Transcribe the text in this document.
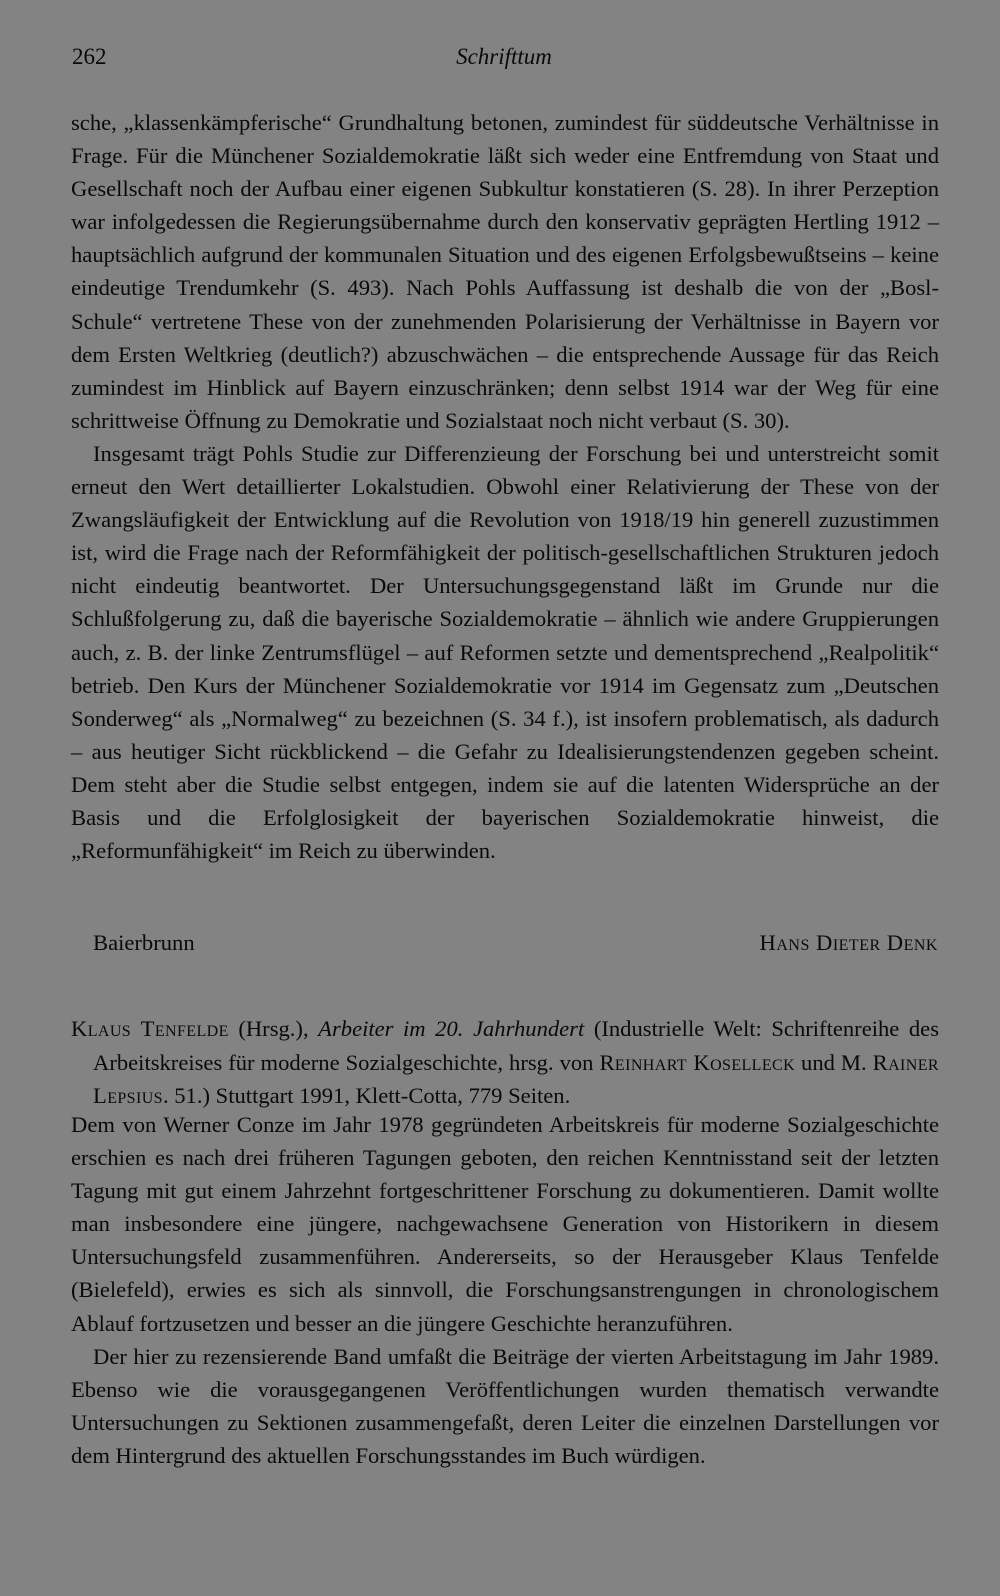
262	Schrifttum

sche, „klassenkämpferische“ Grundhaltung betonen, zumindest für süddeutsche Verhältnisse in Frage. Für die Münchener Sozialdemokratie läßt sich weder eine Entfremdung von Staat und Gesellschaft noch der Aufbau einer eigenen Subkultur konstatieren (S. 28). In ihrer Perzeption war infolgedessen die Regierungsübernahme durch den konservativ geprägten Hertling 1912 – hauptsächlich aufgrund der kommunalen Situation und des eigenen Erfolgsbewußtseins – keine eindeutige Trendumkehr (S. 493). Nach Pohls Auffassung ist deshalb die von der „Bosl-Schule“ vertretene These von der zunehmenden Polarisierung der Verhältnisse in Bayern vor dem Ersten Weltkrieg (deutlich?) abzuschwächen – die entsprechende Aussage für das Reich zumindest im Hinblick auf Bayern einzuschränken; denn selbst 1914 war der Weg für eine schrittweise Öffnung zu Demokratie und Sozialstaat noch nicht verbaut (S. 30).

Insgesamt trägt Pohls Studie zur Differenzieung der Forschung bei und unterstreicht somit erneut den Wert detaillierter Lokalstudien. Obwohl einer Relativierung der These von der Zwangsläufigkeit der Entwicklung auf die Revolution von 1918/19 hin generell zuzustimmen ist, wird die Frage nach der Reformfähigkeit der politisch-gesellschaftlichen Strukturen jedoch nicht eindeutig beantwortet. Der Untersuchungsgegenstand läßt im Grunde nur die Schlußfolgerung zu, daß die bayerische Sozialdemokratie – ähnlich wie andere Gruppierungen auch, z. B. der linke Zentrumsflügel – auf Reformen setzte und dementsprechend „Realpolitik“ betrieb. Den Kurs der Münchener Sozialdemokratie vor 1914 im Gegensatz zum „Deutschen Sonderweg“ als „Normalweg“ zu bezeichnen (S. 34 f.), ist insofern problematisch, als dadurch – aus heutiger Sicht rückblickend – die Gefahr zu Idealisierungstendenzen gegeben scheint. Dem steht aber die Studie selbst entgegen, indem sie auf die latenten Widersprüche an der Basis und die Erfolglosigkeit der bayerischen Sozialdemokratie hinweist, die „Reformunfähigkeit“ im Reich zu überwinden.

Baierbrunn	Hans Dieter Denk
Klaus Tenfelde (Hrsg.), Arbeiter im 20. Jahrhundert (Industrielle Welt: Schriftenreihe des Arbeitskreises für moderne Sozialgeschichte, hrsg. von Reinhart Koselleck und M. Rainer Lepsius. 51.) Stuttgart 1991, Klett-Cotta, 779 Seiten.

Dem von Werner Conze im Jahr 1978 gegründeten Arbeitskreis für moderne Sozialgeschichte erschien es nach drei früheren Tagungen geboten, den reichen Kenntnisstand seit der letzten Tagung mit gut einem Jahrzehnt fortgeschrittener Forschung zu dokumentieren. Damit wollte man insbesondere eine jüngere, nachgewachsene Generation von Historikern in diesem Untersuchungsfeld zusammenführen. Andererseits, so der Herausgeber Klaus Tenfelde (Bielefeld), erwies es sich als sinnvoll, die Forschungsanstrengungen in chronologischem Ablauf fortzusetzen und besser an die jüngere Geschichte heranzuführen.

Der hier zu rezensierende Band umfaßt die Beiträge der vierten Arbeitstagung im Jahr 1989. Ebenso wie die vorausgegangenen Veröffentlichungen wurden thematisch verwandte Untersuchungen zu Sektionen zusammengefaßt, deren Leiter die einzelnen Darstellungen vor dem Hintergrund des aktuellen Forschungsstandes im Buch würdigen.
